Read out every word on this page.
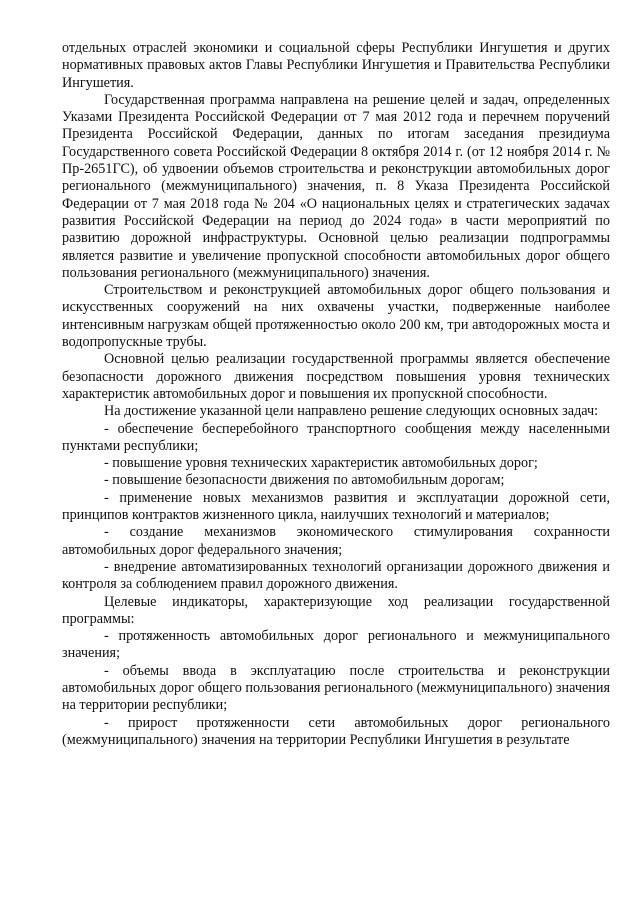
отдельных отраслей экономики и социальной сферы Республики Ингушетия и других нормативных правовых актов Главы Республики Ингушетия и Правительства Республики Ингушетия.

Государственная программа направлена на решение целей и задач, определенных Указами Президента Российской Федерации от 7 мая 2012 года и перечнем поручений Президента Российской Федерации, данных по итогам заседания президиума Государственного совета Российской Федерации 8 октября 2014 г. (от 12 ноября 2014 г. № Пр-2651ГС), об удвоении объемов строительства и реконструкции автомобильных дорог регионального (межмуниципального) значения, п. 8 Указа Президента Российской Федерации от 7 мая 2018 года № 204 «О национальных целях и стратегических задачах развития Российской Федерации на период до 2024 года» в части мероприятий по развитию дорожной инфраструктуры. Основной целью реализации подпрограммы является развитие и увеличение пропускной способности автомобильных дорог общего пользования регионального (межмуниципального) значения.

Строительством и реконструкцией автомобильных дорог общего пользования и искусственных сооружений на них охвачены участки, подверженные наиболее интенсивным нагрузкам общей протяженностью около 200 км, три автодорожных моста и водопропускные трубы.

Основной целью реализации государственной программы является обеспечение безопасности дорожного движения посредством повышения уровня технических характеристик автомобильных дорог и повышения их пропускной способности.

На достижение указанной цели направлено решение следующих основных задач:

- обеспечение бесперебойного транспортного сообщения между населенными пунктами республики;

- повышение уровня технических характеристик автомобильных дорог;

- повышение безопасности движения по автомобильным дорогам;

- применение новых механизмов развития и эксплуатации дорожной сети, принципов контрактов жизненного цикла, наилучших технологий и материалов;

- создание механизмов экономического стимулирования сохранности автомобильных дорог федерального значения;

- внедрение автоматизированных технологий организации дорожного движения и контроля за соблюдением правил дорожного движения.

Целевые индикаторы, характеризующие ход реализации государственной программы:

- протяженность автомобильных дорог регионального и межмуниципального значения;

- объемы ввода в эксплуатацию после строительства и реконструкции автомобильных дорог общего пользования регионального (межмуниципального) значения на территории республики;

- прирост протяженности сети автомобильных дорог регионального (межмуниципального) значения на территории Республики Ингушетия в результате
